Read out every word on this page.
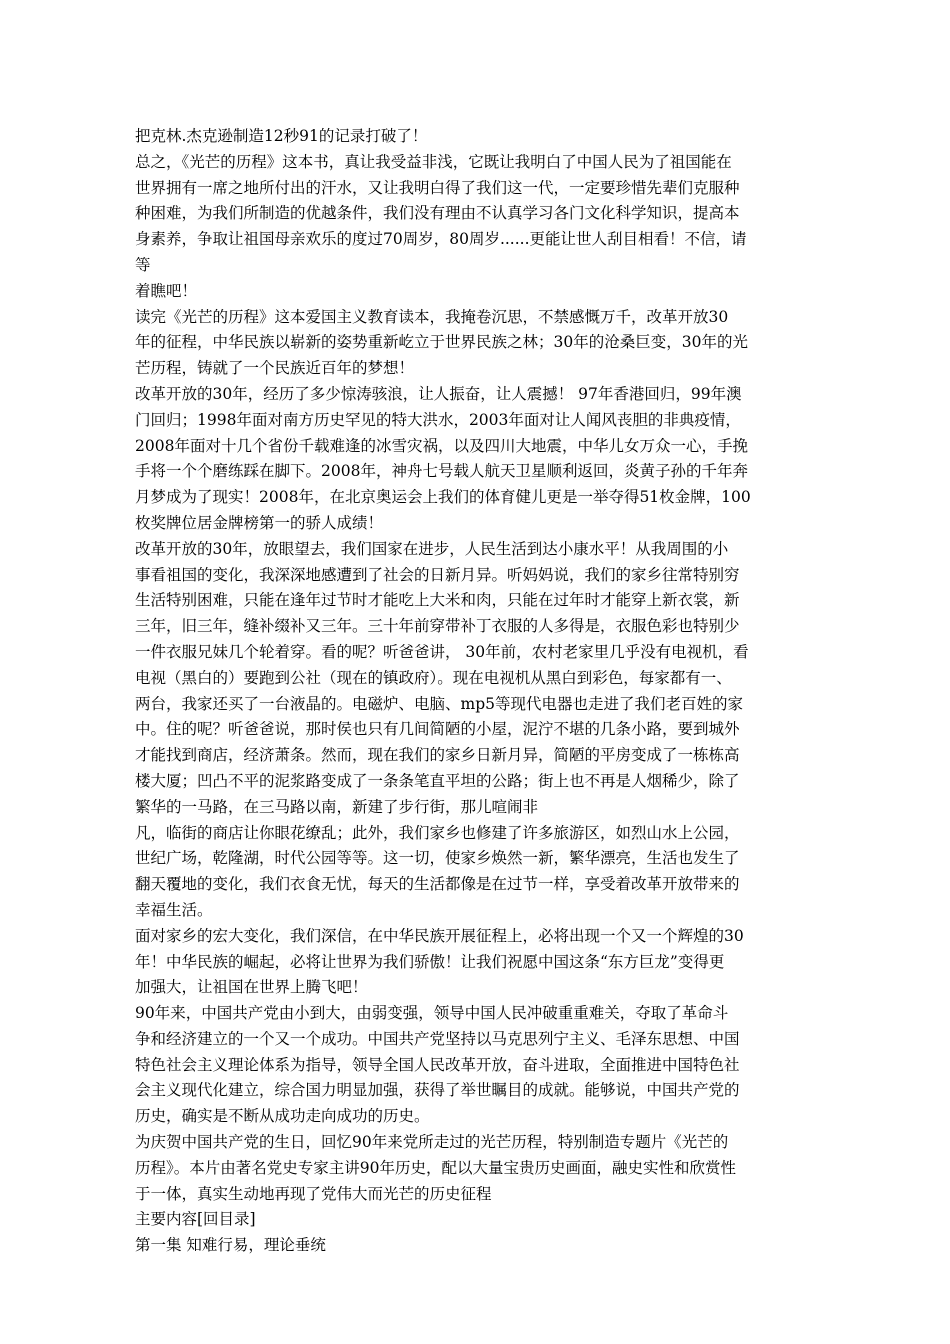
把克林.杰克逊制造12秒91的记录打破了！
总之，《光芒的历程》这本书，真让我受益非浅，它既让我明白了中国人民为了祖国能在
世界拥有一席之地所付出的汗水，又让我明白得了我们这一代，一定要珍惜先辈们克服种
种困难，为我们所制造的优越条件，我们没有理由不认真学习各门文化科学知识，提高本
身素养，争取让祖国母亲欢乐的度过70周岁，80周岁......更能让世人刮目相看！不信，请
等
着瞧吧！
读完《光芒的历程》这本爱国主义教育读本，我掩卷沉思，不禁感慨万千，改革开放30
年的征程，中华民族以崭新的姿势重新屹立于世界民族之林；30年的沧桑巨变，30年的光
芒历程，铸就了一个民族近百年的梦想！
改革开放的30年，经历了多少惊涛骇浪，让人振奋，让人震撼！ 97年香港回归，99年澳
门回归；1998年面对南方历史罕见的特大洪水，2003年面对让人闻风丧胆的非典疫情，
2008年面对十几个省份千载难逢的冰雪灾祸，以及四川大地震，中华儿女万众一心，手挽
手将一个个磨练踩在脚下。2008年，神舟七号载人航天卫星顺利返回，炎黄子孙的千年奔
月梦成为了现实！2008年，在北京奥运会上我们的体育健儿更是一举夺得51枚金牌，100
枚奖牌位居金牌榜第一的骄人成绩！
改革开放的30年，放眼望去，我们国家在进步，人民生活到达小康水平！从我周围的小
事看祖国的变化，我深深地感遭到了社会的日新月异。听妈妈说，我们的家乡往常特别穷
生活特别困难，只能在逢年过节时才能吃上大米和肉，只能在过年时才能穿上新衣裳，新
三年，旧三年，缝补缀补又三年。三十年前穿带补丁衣服的人多得是，衣服色彩也特别少
一件衣服兄妹几个轮着穿。看的呢？听爸爸讲， 30年前，农村老家里几乎没有电视机，看
电视（黑白的）要跑到公社（现在的镇政府）。现在电视机从黑白到彩色，每家都有一、
两台，我家还买了一台液晶的。电磁炉、电脑、mp5等现代电器也走进了我们老百姓的家
中。住的呢？听爸爸说，那时侯也只有几间简陋的小屋，泥泞不堪的几条小路，要到城外
才能找到商店，经济萧条。然而，现在我们的家乡日新月异，简陋的平房变成了一栋栋高
楼大厦；凹凸不平的泥浆路变成了一条条笔直平坦的公路；街上也不再是人烟稀少，除了
繁华的一马路，在三马路以南，新建了步行街，那儿喧闹非
凡，临街的商店让你眼花缭乱；此外，我们家乡也修建了许多旅游区，如烈山水上公园，
世纪广场，乾隆湖，时代公园等等。这一切，使家乡焕然一新，繁华漂亮，生活也发生了
翻天覆地的变化，我们衣食无忧，每天的生活都像是在过节一样，享受着改革开放带来的
幸福生活。
面对家乡的宏大变化，我们深信，在中华民族开展征程上，必将出现一个又一个辉煌的30
年！中华民族的崛起，必将让世界为我们骄傲！让我们祝愿中国这条“东方巨龙”变得更
加强大，让祖国在世界上腾飞吧！
90年来，中国共产党由小到大，由弱变强，领导中国人民冲破重重难关，夺取了革命斗
争和经济建立的一个又一个成功。中国共产党坚持以马克思列宁主义、毛泽东思想、中国
特色社会主义理论体系为指导，领导全国人民改革开放，奋斗进取，全面推进中国特色社
会主义现代化建立，综合国力明显加强，获得了举世瞩目的成就。能够说，中国共产党的
历史，确实是不断从成功走向成功的历史。
为庆贺中国共产党的生日，回忆90年来党所走过的光芒历程，特别制造专题片《光芒的
历程》。本片由著名党史专家主讲90年历史，配以大量宝贵历史画面，融史实性和欣赏性
于一体，真实生动地再现了党伟大而光芒的历史征程
主要内容[回目录]
第一集 知难行易，理论垂统
